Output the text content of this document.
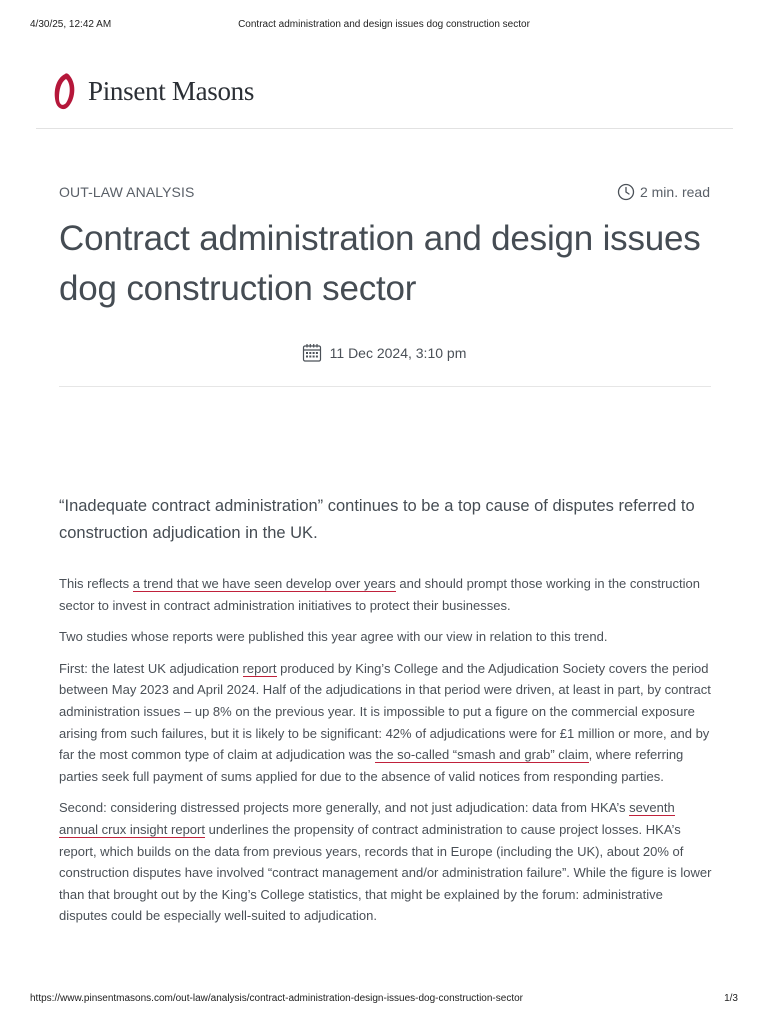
4/30/25, 12:42 AM	Contract administration and design issues dog construction sector
Pinsent Masons
OUT-LAW ANALYSIS	2 min. read
Contract administration and design issues dog construction sector
11 Dec 2024, 3:10 pm

“Inadequate contract administration” continues to be a top cause of disputes referred to construction adjudication in the UK.

This reflects a trend that we have seen develop over years and should prompt those working in the construction sector to invest in contract administration initiatives to protect their businesses.

Two studies whose reports were published this year agree with our view in relation to this trend.

First: the latest UK adjudication report produced by King’s College and the Adjudication Society covers the period between May 2023 and April 2024. Half of the adjudications in that period were driven, at least in part, by contract administration issues – up 8% on the previous year. It is impossible to put a figure on the commercial exposure arising from such failures, but it is likely to be significant: 42% of adjudications were for £1 million or more, and by far the most common type of claim at adjudication was the so-called “smash and grab” claim, where referring parties seek full payment of sums applied for due to the absence of valid notices from responding parties.

Second: considering distressed projects more generally, and not just adjudication: data from HKA’s seventh annual crux insight report underlines the propensity of contract administration to cause project losses. HKA’s report, which builds on the data from previous years, records that in Europe (including the UK), about 20% of construction disputes have involved “contract management and/or administration failure”. While the figure is lower than that brought out by the King’s College statistics, that might be explained by the forum: administrative disputes could be especially well-suited to adjudication.

https://www.pinsentmasons.com/out-law/analysis/contract-administration-design-issues-dog-construction-sector	1/3
